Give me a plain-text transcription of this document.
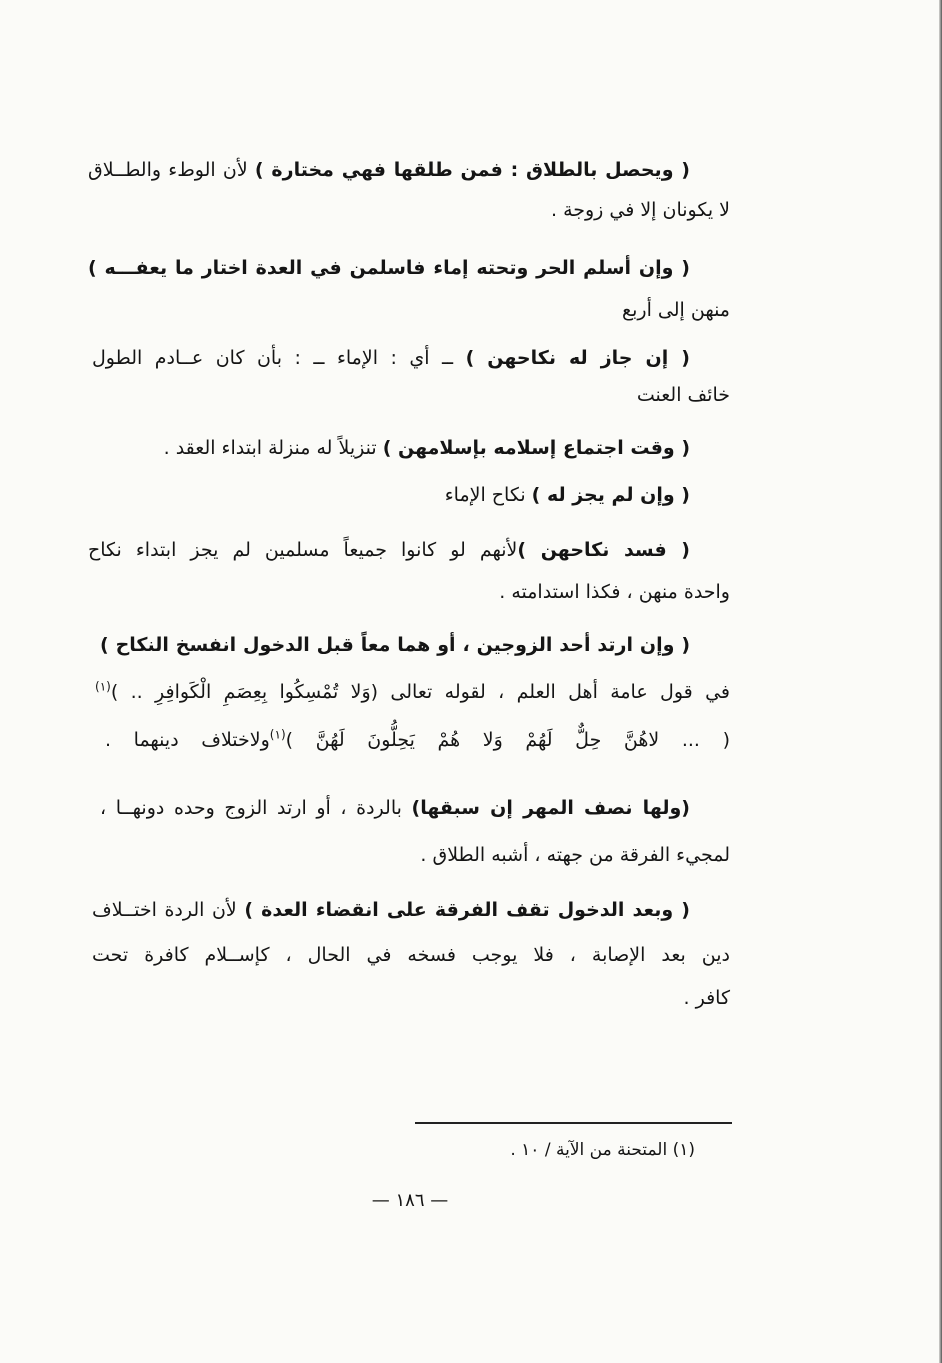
( ويحصل بالطلاق : فمن طلقها فهي مختارة ) لأن الوطء والطــلاق
لا يكونان إلا في زوجة .
( وإن أسلم الحر وتحته إماء فاسلمن في العدة اختار ما يعفـــه )
منهن إلى أربع
( إن جاز له نكاحهن ) ــ أي : الإماء ــ : بأن كان عــادم الطول
خائف العنت
( وقت اجتماع إسلامه بإسلامهن ) تنزيلاً له منزلة ابتداء العقد .
( وإن لم يجز له ) نكاح الإماء
( فسد نكاحهن )لأنهم لو كانوا جميعاً مسلمين لم يجز ابتداء نكاح
واحدة منهن ، فكذا استدامته .
( وإن ارتد أحد الزوجين ، أو هما معاً قبل الدخول انفسخ النكاح )
في قول عامة أهل العلم ، لقوله تعالى (وَلا تُمْسِكُوا بِعِصَمِ الْكَوافِرِ .. )$^{(١)}$
( ... لاهُنَّ حِلٌّ لَهُمْ وَلا هُمْ يَحِلُّونَ لَهُنَّ )$^{(١)}$ولاختلاف دينهما .
(ولها نصف المهر إن سبقها) بالردة ، أو ارتد الزوج وحده دونهــا ،
لمجيء الفرقة من جهته ، أشبه الطلاق .
( وبعد الدخول تقف الفرقة على انقضاء العدة ) لأن الردة اختــلاف
دين بعد الإصابة ، فلا يوجب فسخه في الحال ، كإســلام كافرة تحت
كافر .
(١) المتحنة من الآية / ١٠ .
— ١٨٦ —
